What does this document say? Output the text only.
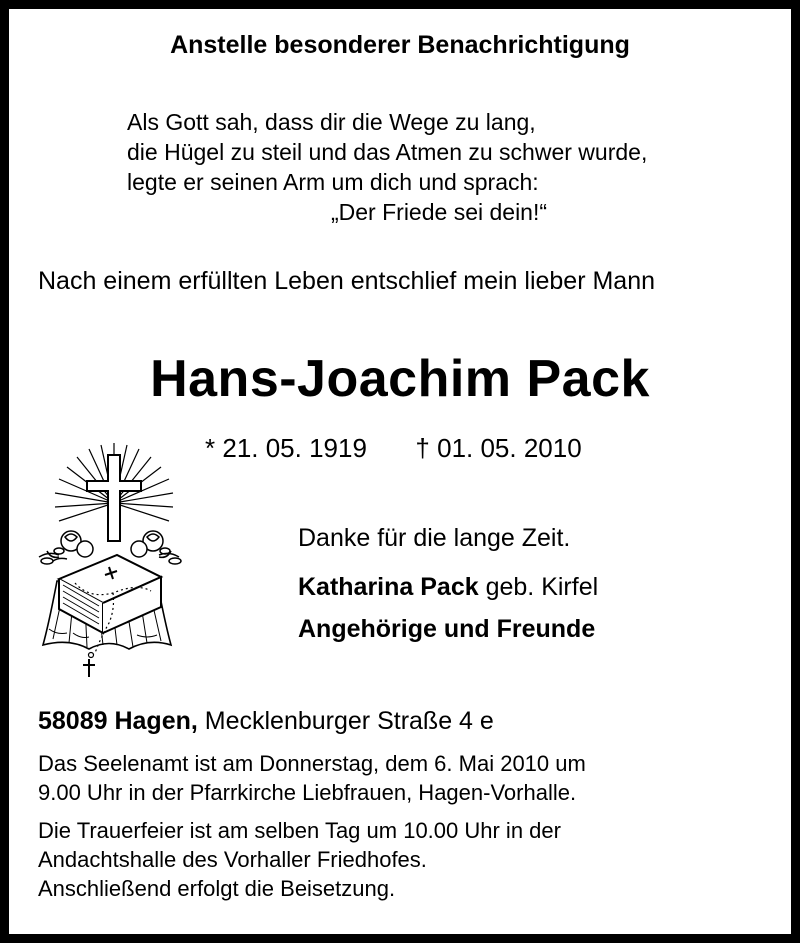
Anstelle besonderer Benachrichtigung
Als Gott sah, dass dir die Wege zu lang,
die Hügel zu steil und das Atmen zu schwer wurde,
legte er seinen Arm um dich und sprach:
„Der Friede sei dein!“
Nach einem erfüllten Leben entschlief mein lieber Mann
Hans-Joachim Pack
* 21. 05. 1919 † 01. 05. 2010
Danke für die lange Zeit.
Katharina Pack geb. Kirfel
Angehörige und Freunde
58089 Hagen, Mecklenburger Straße 4 e
Das Seelenamt ist am Donnerstag, dem 6. Mai 2010 um
9.00 Uhr in der Pfarrkirche Liebfrauen, Hagen-Vorhalle.
Die Trauerfeier ist am selben Tag um 10.00 Uhr in der
Andachtshalle des Vorhaller Friedhofes.
Anschließend erfolgt die Beisetzung.
